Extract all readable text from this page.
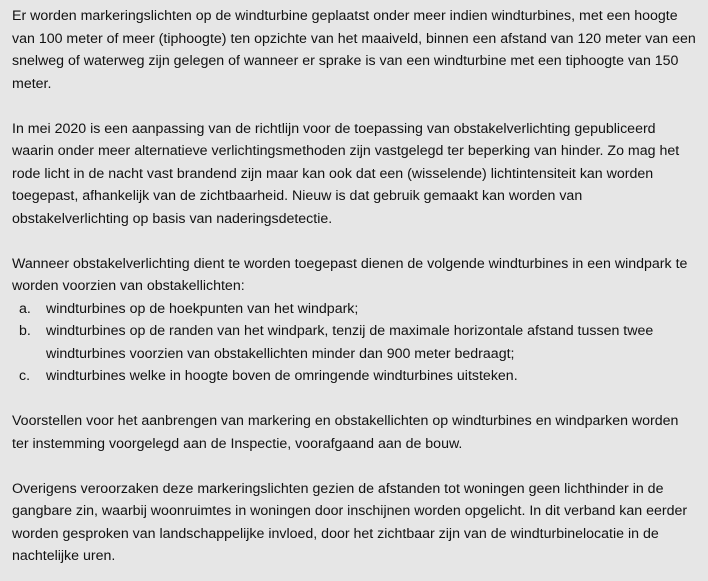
Er worden markeringslichten op de windturbine geplaatst onder meer indien windturbines, met een hoogte van 100 meter of meer (tiphoogte) ten opzichte van het maaiveld, binnen een afstand van 120 meter van een snelweg of waterweg zijn gelegen of wanneer er sprake is van een windturbine met een tiphoogte van 150 meter.

In mei 2020 is een aanpassing van de richtlijn voor de toepassing van obstakelverlichting gepubliceerd waarin onder meer alternatieve verlichtingsmethoden zijn vastgelegd ter beperking van hinder. Zo mag het rode licht in de nacht vast brandend zijn maar kan ook dat een (wisselende) lichtintensiteit kan worden toegepast, afhankelijk van de zichtbaarheid. Nieuw is dat gebruik gemaakt kan worden van obstakelverlichting op basis van naderingsdetectie.

Wanneer obstakelverlichting dient te worden toegepast dienen de volgende windturbines in een windpark te worden voorzien van obstakellichten:

a. windturbines op de hoekpunten van het windpark;
b. windturbines op de randen van het windpark, tenzij de maximale horizontale afstand tussen twee windturbines voorzien van obstakellichten minder dan 900 meter bedraagt;
c. windturbines welke in hoogte boven de omringende windturbines uitsteken.

Voorstellen voor het aanbrengen van markering en obstakellichten op windturbines en windparken worden ter instemming voorgelegd aan de Inspectie, voorafgaand aan de bouw.

Overigens veroorzaken deze markeringslichten gezien de afstanden tot woningen geen lichthinder in de gangbare zin, waarbij woonruimtes in woningen door inschijnen worden opgelicht. In dit verband kan eerder worden gesproken van landschappelijke invloed, door het zichtbaar zijn van de windturbinelocatie in de nachtelijke uren.
